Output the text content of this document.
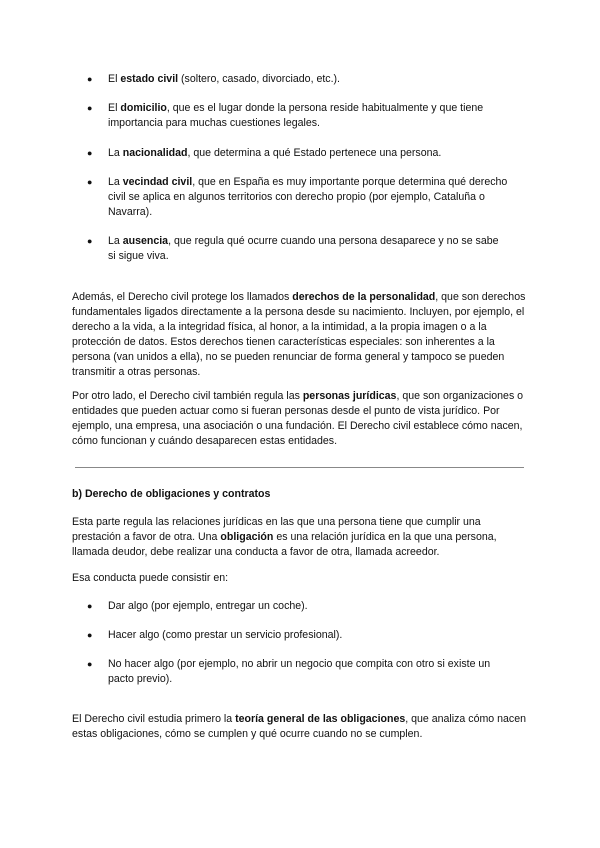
● El estado civil (soltero, casado, divorciado, etc.).
● El domicilio, que es el lugar donde la persona reside habitualmente y que tiene importancia para muchas cuestiones legales.
● La nacionalidad, que determina a qué Estado pertenece una persona.
● La vecindad civil, que en España es muy importante porque determina qué derecho civil se aplica en algunos territorios con derecho propio (por ejemplo, Cataluña o Navarra).
● La ausencia, que regula qué ocurre cuando una persona desaparece y no se sabe si sigue viva.
Además, el Derecho civil protege los llamados derechos de la personalidad, que son derechos fundamentales ligados directamente a la persona desde su nacimiento. Incluyen, por ejemplo, el derecho a la vida, a la integridad física, al honor, a la intimidad, a la propia imagen o a la protección de datos. Estos derechos tienen características especiales: son inherentes a la persona (van unidos a ella), no se pueden renunciar de forma general y tampoco se pueden transmitir a otras personas.
Por otro lado, el Derecho civil también regula las personas jurídicas, que son organizaciones o entidades que pueden actuar como si fueran personas desde el punto de vista jurídico. Por ejemplo, una empresa, una asociación o una fundación. El Derecho civil establece cómo nacen, cómo funcionan y cuándo desaparecen estas entidades.
b) Derecho de obligaciones y contratos
Esta parte regula las relaciones jurídicas en las que una persona tiene que cumplir una prestación a favor de otra. Una obligación es una relación jurídica en la que una persona, llamada deudor, debe realizar una conducta a favor de otra, llamada acreedor.
Esa conducta puede consistir en:
● Dar algo (por ejemplo, entregar un coche).
● Hacer algo (como prestar un servicio profesional).
● No hacer algo (por ejemplo, no abrir un negocio que compita con otro si existe un pacto previo).
El Derecho civil estudia primero la teoría general de las obligaciones, que analiza cómo nacen estas obligaciones, cómo se cumplen y qué ocurre cuando no se cumplen.
